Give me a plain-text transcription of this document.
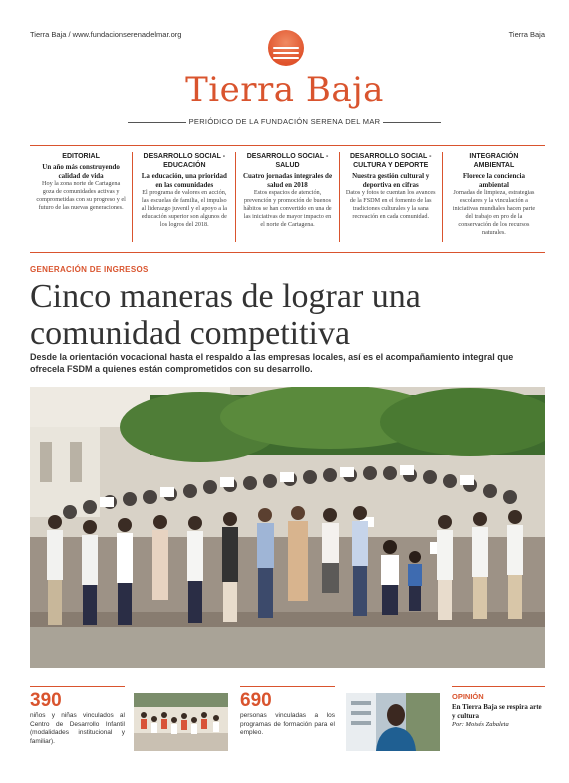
Tierra Baja / www.fundacionserenadelmar.org	Tierra Baja
Tierra Baja
PERIÓDICO DE LA FUNDACIÓN SERENA DEL MAR
EDITORIAL
Un año más construyendo calidad de vida

Hoy la zona norte de Cartagena goza de comunidades activas y comprometidas con su progreso y el futuro de las nuevas generaciones.

DESARROLLO SOCIAL - EDUCACIÓN
La educación, una prioridad en las comunidades

El programa de valores en acción, las escuelas de familia, el impulso al liderazgo juvenil y el apoyo a la educación superior son algunos de los logros del 2018.

DESARROLLO SOCIAL - SALUD
Cuatro jornadas integrales de salud en 2018

Estos espacios de atención, prevención y promoción de buenos hábitos se han convertido en una de las iniciativas de mayor impacto en el norte de Cartagena.

DESARROLLO SOCIAL - CULTURA Y DEPORTE
Nuestra gestión cultural y deportiva en cifras

Datos y fotos te cuentan los avances de la FSDM en el fomento de las tradiciones culturales y la sana recreación en cada comunidad.

INTEGRACIÓN AMBIENTAL
Florece la conciencia ambiental

Jornadas de limpieza, estrategias escolares y la vinculación a iniciativas mundiales hacen parte del trabajo en pro de la conservación de los recursos naturales.

GENERACIÓN DE INGRESOS
Cinco maneras de lograr una comunidad competitiva
Desde la orientación vocacional hasta el respaldo a las empresas locales, así es el acompañamiento integral que ofrecela FSDM a quienes están comprometidos con su desarrollo.
390
niños y niñas vinculados al Centro de Desarrollo Infantil (modalidades institucional y familiar).
690
personas vinculadas a los programas de formación para el empleo.
OPINIÓN
En Tierra Baja se respira arte y cultura
Por: Moisés Zabaleta
